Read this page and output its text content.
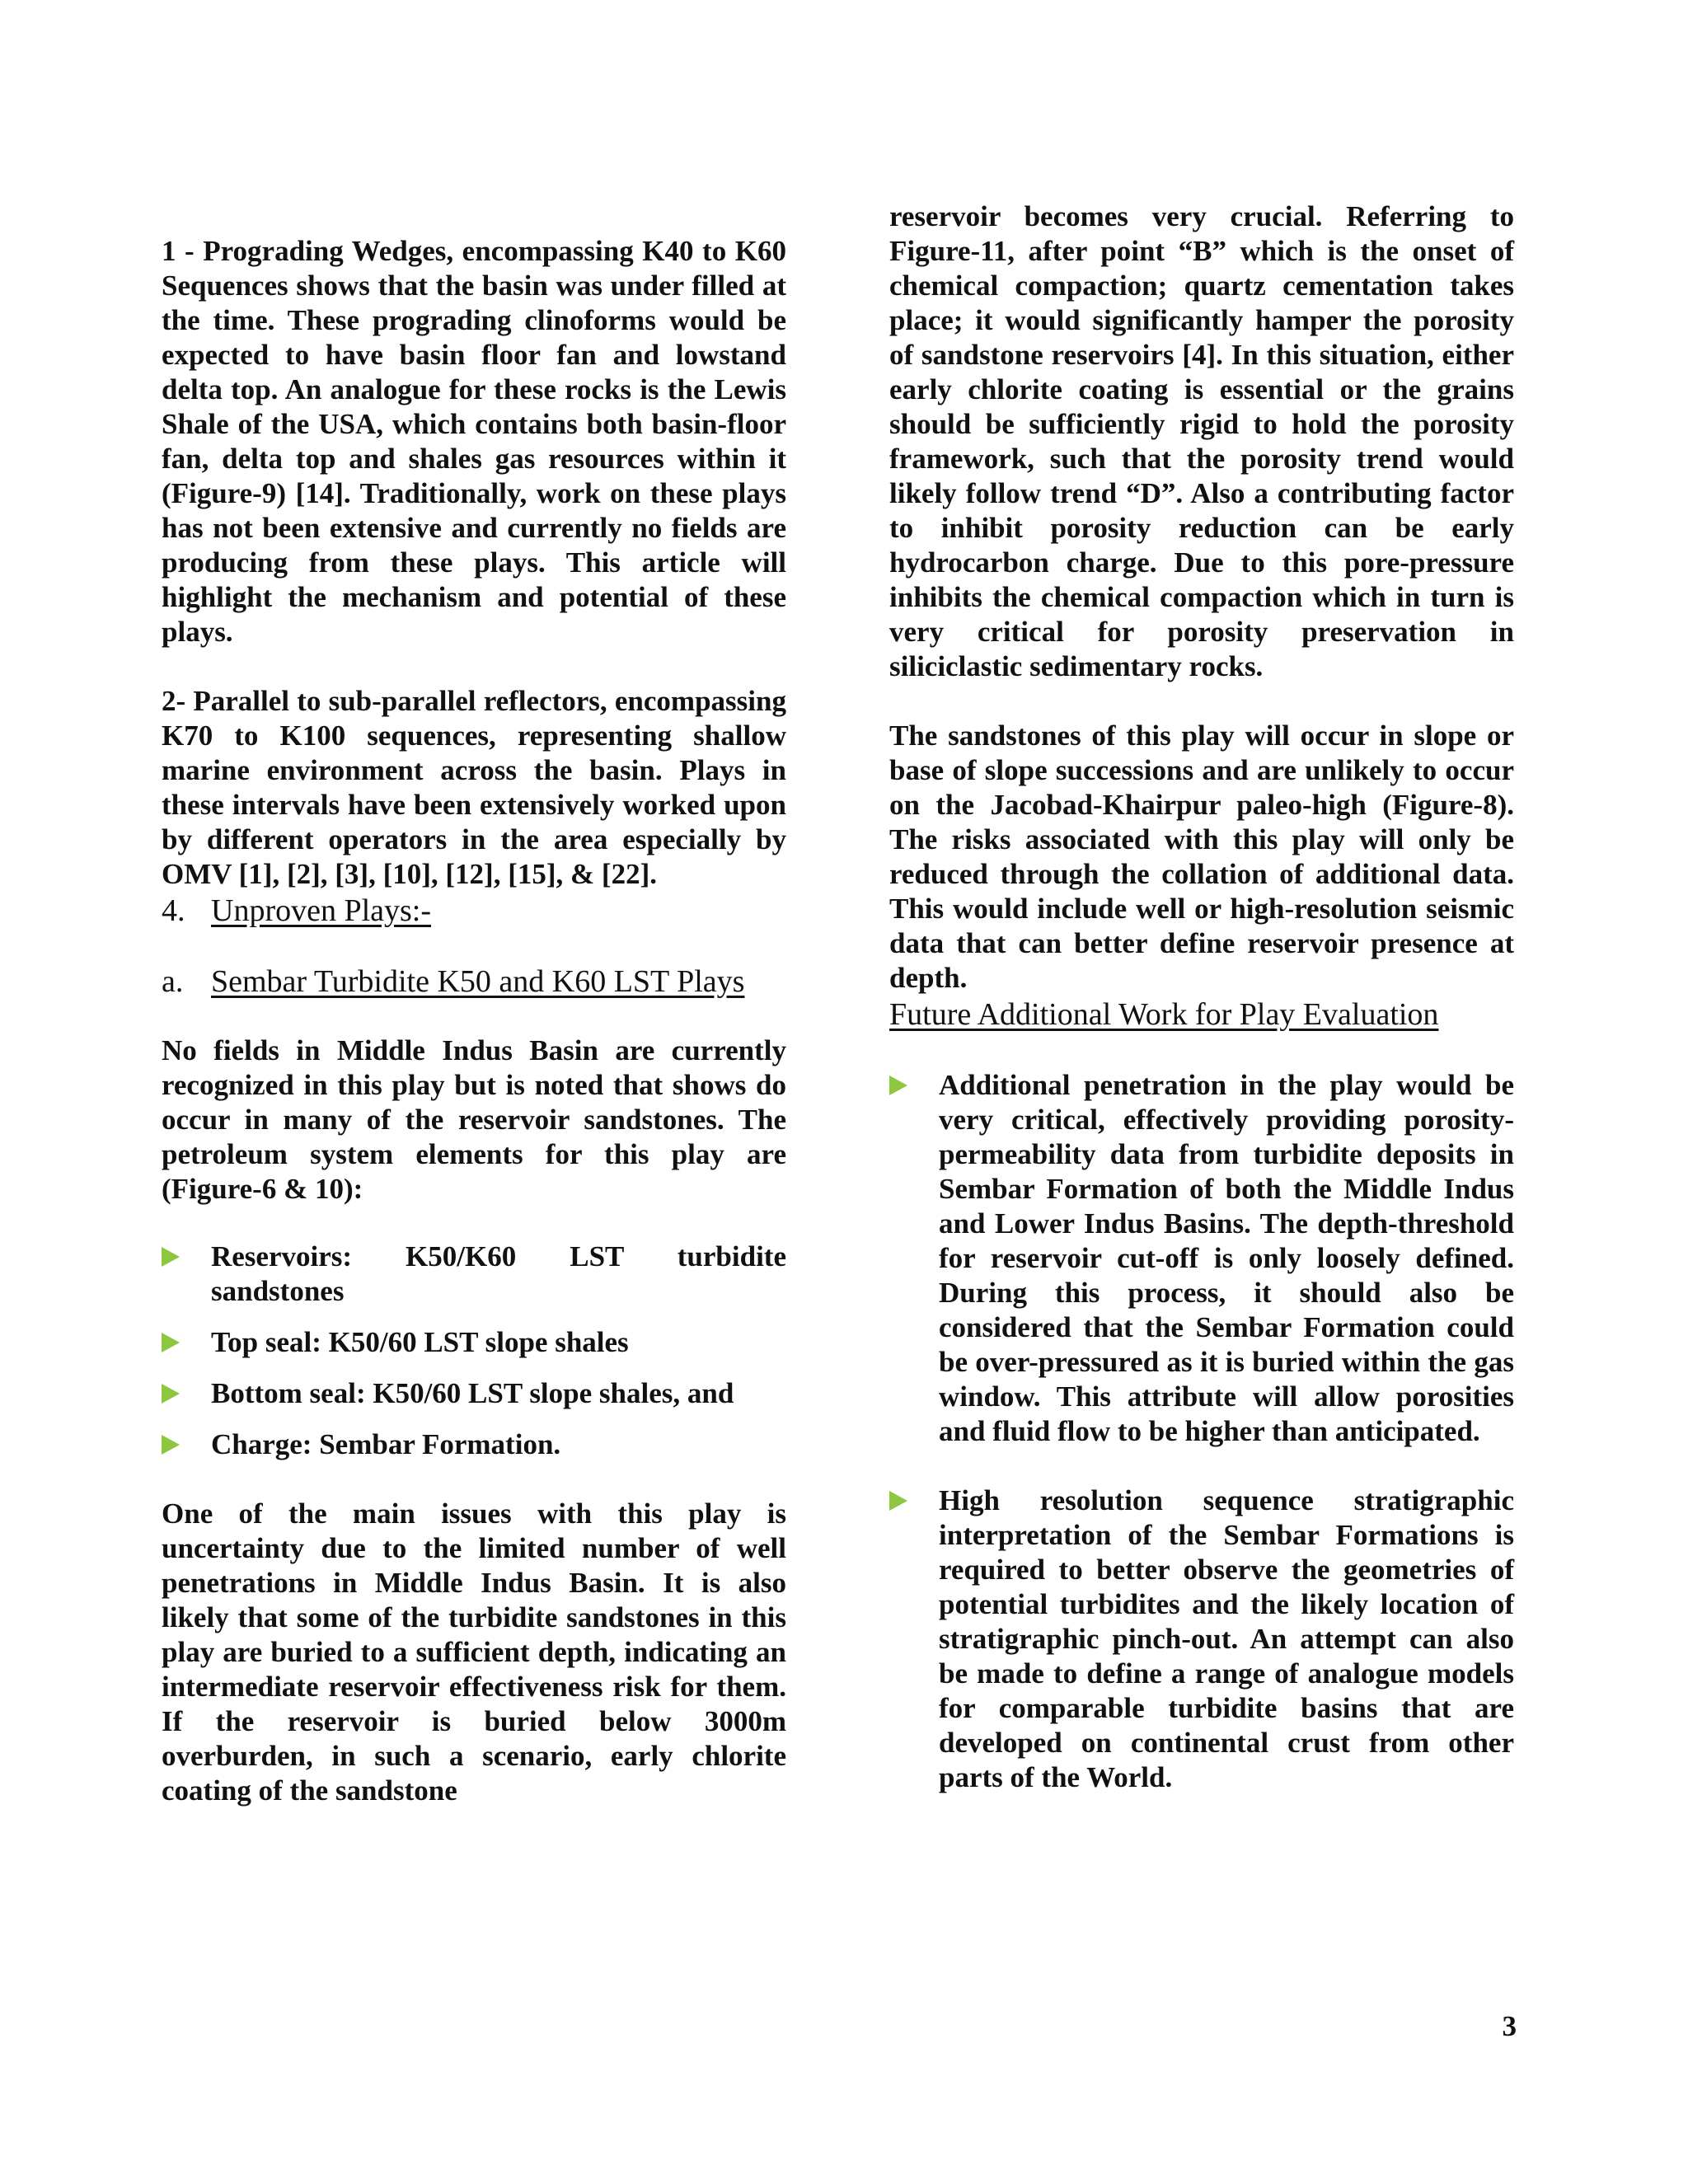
1 - Prograding Wedges, encompassing K40 to K60 Sequences shows that the basin was under filled at the time. These prograding clinoforms would be expected to have basin floor fan and lowstand delta top. An analogue for these rocks is the Lewis Shale of the USA, which contains both basin-floor fan, delta top and shales gas resources within it (Figure-9) [14]. Traditionally, work on these plays has not been extensive and currently no fields are producing from these plays. This article will highlight the mechanism and potential of these plays.

2- Parallel to sub-parallel reflectors, encompassing K70 to K100 sequences, representing shallow marine environment across the basin. Plays in these intervals have been extensively worked upon by different operators in the area especially by OMV [1], [2], [3], [10], [12], [15], & [22].

4. Unproven Plays:-
a. Sembar Turbidite K50 and K60 LST Plays

No fields in Middle Indus Basin are currently recognized in this play but is noted that shows do occur in many of the reservoir sandstones. The petroleum system elements for this play are (Figure-6 & 10):

Reservoirs: K50/K60 LST turbidite sandstones
Top seal: K50/60 LST slope shales
Bottom seal: K50/60 LST slope shales, and
Charge: Sembar Formation.

One of the main issues with this play is uncertainty due to the limited number of well penetrations in Middle Indus Basin. It is also likely that some of the turbidite sandstones in this play are buried to a sufficient depth, indicating an intermediate reservoir effectiveness risk for them. If the reservoir is buried below 3000m overburden, in such a scenario, early chlorite coating of the sandstone

reservoir becomes very crucial. Referring to Figure-11, after point “B” which is the onset of chemical compaction; quartz cementation takes place; it would significantly hamper the porosity of sandstone reservoirs [4]. In this situation, either early chlorite coating is essential or the grains should be sufficiently rigid to hold the porosity framework, such that the porosity trend would likely follow trend “D”. Also a contributing factor to inhibit porosity reduction can be early hydrocarbon charge. Due to this pore-pressure inhibits the chemical compaction which in turn is very critical for porosity preservation in siliciclastic sedimentary rocks.

The sandstones of this play will occur in slope or base of slope successions and are unlikely to occur on the Jacobad-Khairpur paleo-high (Figure-8). The risks associated with this play will only be reduced through the collation of additional data. This would include well or high-resolution seismic data that can better define reservoir presence at depth.

Future Additional Work for Play Evaluation

Additional penetration in the play would be very critical, effectively providing porosity-permeability data from turbidite deposits in Sembar Formation of both the Middle Indus and Lower Indus Basins. The depth-threshold for reservoir cut-off is only loosely defined. During this process, it should also be considered that the Sembar Formation could be over-pressured as it is buried within the gas window. This attribute will allow porosities and fluid flow to be higher than anticipated.
High resolution sequence stratigraphic interpretation of the Sembar Formations is required to better observe the geometries of potential turbidites and the likely location of stratigraphic pinch-out. An attempt can also be made to define a range of analogue models for comparable turbidite basins that are developed on continental crust from other parts of the World.
3
